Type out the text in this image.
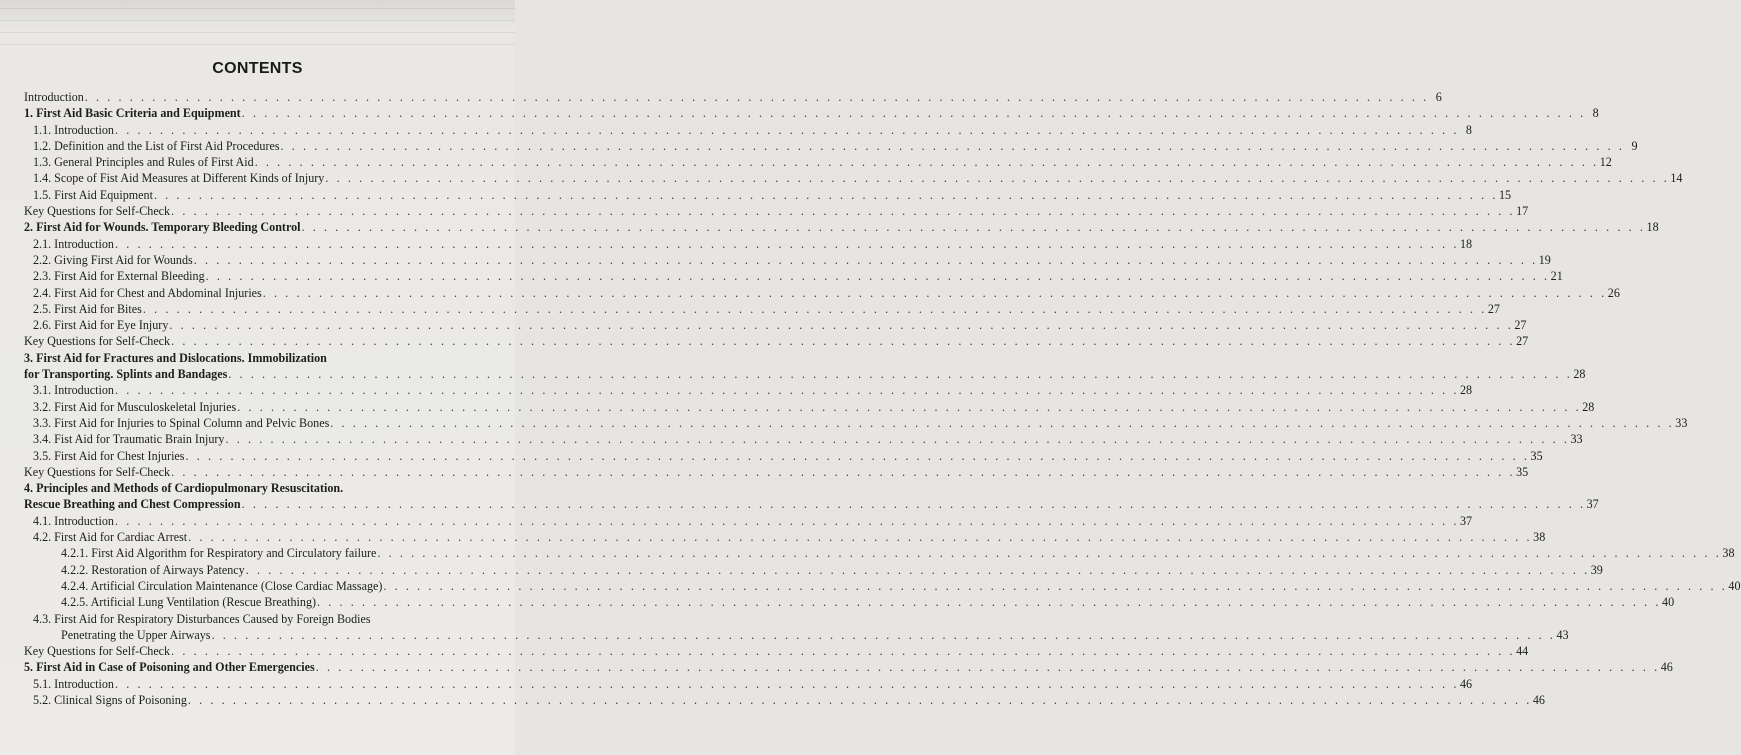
CONTENTS
Introduction . . . . . . . . . . . . . . . . . . . . . . . . . . . . . . . . . . . . . . . . . . . . . . . . . . . . . . . . . . . . . . . . . . . . . . . . . . . . . . . . . . . . . . . . . . . . . . . . . . . . . . . . . . . . . . . . . . . . . . . . 6
1. First Aid Basic Criteria and Equipment . . . . . . . . . . . . . . . . . . . . . . . . . . . . . . . . . . . . . . . . . . . . . . . . . . . . . . . . . . . . . . . . . . . . . . . . . . . . . . . . . . . . . . . . . . . . . . . . . . . . . . . . . . . . . . . . . . . . . . . . 8
1.1. Introduction . . . . . . . . . . . . . . . . . . . . . . . . . . . . . . . . . . . . . . . . . . . . . . . . . . . . . . . . . . . . . . . . . . . . . . . . . . . . . . . . . . . . . . . . . . . . . . . . . . . . . . . . . . . . . . . . . . . . . . . . 8
1.2. Definition and the List of First Aid Procedures . . . . . . . . . . . . . . . . . . . . . . . . . . . . . . . . . . . . . . . . . . . . . . . . . . . . . . . . . . . . . . . . . . . . . . . . . . . . . . . . . . . . . . . . . . . . . . . . . . . . . . . . . . . . . . . . . . . . . . . . 9
1.3. General Principles and Rules of First Aid . . . . . . . . . . . . . . . . . . . . . . . . . . . . . . . . . . . . . . . . . . . . . . . . . . . . . . . . . . . . . . . . . . . . . . . . . . . . . . . . . . . . . . . . . . . . . . . . . . . . . . . . . . . . . . . . . . . . . . . . 12
1.4. Scope of Fist Aid Measures at Different Kinds of Injury . . . . . . . . . . . . . . . . . . . . . . . . . . . . . . . . . . . . . . . . . . . . . . . . . . . . . . . . . . . . . . . . . . . . . . . . . . . . . . . . . . . . . . . . . . . . . . . . . . . . . . . . . . . . . . . . . . . . . . . . 14
1.5. First Aid Equipment . . . . . . . . . . . . . . . . . . . . . . . . . . . . . . . . . . . . . . . . . . . . . . . . . . . . . . . . . . . . . . . . . . . . . . . . . . . . . . . . . . . . . . . . . . . . . . . . . . . . . . . . . . . . . . . . . . . . . . . . 15
Key Questions for Self-Check . . . . . . . . . . . . . . . . . . . . . . . . . . . . . . . . . . . . . . . . . . . . . . . . . . . . . . . . . . . . . . . . . . . . . . . . . . . . . . . . . . . . . . . . . . . . . . . . . . . . . . . . . . . . . . . . . . . . . . . . 17
2. First Aid for Wounds. Temporary Bleeding Control . . . . . . . . . . . . . . . . . . . . . . . . . . . . . . . . . . . . . . . . . . . . . . . . . . . . . . . . . . . . . . . . . . . . . . . . . . . . . . . . . . . . . . . . . . . . . . . . . . . . . . . . . . . . . . . . . . . . . . . . 18
2.1. Introduction . . . . . . . . . . . . . . . . . . . . . . . . . . . . . . . . . . . . . . . . . . . . . . . . . . . . . . . . . . . . . . . . . . . . . . . . . . . . . . . . . . . . . . . . . . . . . . . . . . . . . . . . . . . . . . . . . . . . . . . . 18
2.2. Giving First Aid for Wounds . . . . . . . . . . . . . . . . . . . . . . . . . . . . . . . . . . . . . . . . . . . . . . . . . . . . . . . . . . . . . . . . . . . . . . . . . . . . . . . . . . . . . . . . . . . . . . . . . . . . . . . . . . . . . . . . . . . . . . . . 19
2.3. First Aid for External Bleeding . . . . . . . . . . . . . . . . . . . . . . . . . . . . . . . . . . . . . . . . . . . . . . . . . . . . . . . . . . . . . . . . . . . . . . . . . . . . . . . . . . . . . . . . . . . . . . . . . . . . . . . . . . . . . . . . . . . . . . . . 21
2.4. First Aid for Chest and Abdominal Injuries . . . . . . . . . . . . . . . . . . . . . . . . . . . . . . . . . . . . . . . . . . . . . . . . . . . . . . . . . . . . . . . . . . . . . . . . . . . . . . . . . . . . . . . . . . . . . . . . . . . . . . . . . . . . . . . . . . . . . . . . 26
2.5. First Aid for Bites . . . . . . . . . . . . . . . . . . . . . . . . . . . . . . . . . . . . . . . . . . . . . . . . . . . . . . . . . . . . . . . . . . . . . . . . . . . . . . . . . . . . . . . . . . . . . . . . . . . . . . . . . . . . . . . . . . . . . . . . 27
2.6. First Aid for Eye Injury . . . . . . . . . . . . . . . . . . . . . . . . . . . . . . . . . . . . . . . . . . . . . . . . . . . . . . . . . . . . . . . . . . . . . . . . . . . . . . . . . . . . . . . . . . . . . . . . . . . . . . . . . . . . . . . . . . . . . . . . 27
Key Questions for Self-Check . . . . . . . . . . . . . . . . . . . . . . . . . . . . . . . . . . . . . . . . . . . . . . . . . . . . . . . . . . . . . . . . . . . . . . . . . . . . . . . . . . . . . . . . . . . . . . . . . . . . . . . . . . . . . . . . . . . . . . . . 27
3. First Aid for Fractures and Dislocations. Immobilization
for Transporting. Splints and Bandages . . . . . . . . . . . . . . . . . . . . . . . . . . . . . . . . . . . . . . . . . . . . . . . . . . . . . . . . . . . . . . . . . . . . . . . . . . . . . . . . . . . . . . . . . . . . . . . . . . . . . . . . . . . . . . . . . . . . . . . . 28
3.1. Introduction . . . . . . . . . . . . . . . . . . . . . . . . . . . . . . . . . . . . . . . . . . . . . . . . . . . . . . . . . . . . . . . . . . . . . . . . . . . . . . . . . . . . . . . . . . . . . . . . . . . . . . . . . . . . . . . . . . . . . . . . 28
3.2. First Aid for Musculoskeletal Injuries . . . . . . . . . . . . . . . . . . . . . . . . . . . . . . . . . . . . . . . . . . . . . . . . . . . . . . . . . . . . . . . . . . . . . . . . . . . . . . . . . . . . . . . . . . . . . . . . . . . . . . . . . . . . . . . . . . . . . . . . 28
3.3. First Aid for Injuries to Spinal Column and Pelvic Bones . . . . . . . . . . . . . . . . . . . . . . . . . . . . . . . . . . . . . . . . . . . . . . . . . . . . . . . . . . . . . . . . . . . . . . . . . . . . . . . . . . . . . . . . . . . . . . . . . . . . . . . . . . . . . . . . . . . . . . . . 33
3.4. Fist Aid for Traumatic Brain Injury . . . . . . . . . . . . . . . . . . . . . . . . . . . . . . . . . . . . . . . . . . . . . . . . . . . . . . . . . . . . . . . . . . . . . . . . . . . . . . . . . . . . . . . . . . . . . . . . . . . . . . . . . . . . . . . . . . . . . . . . 33
3.5. First Aid for Chest Injuries . . . . . . . . . . . . . . . . . . . . . . . . . . . . . . . . . . . . . . . . . . . . . . . . . . . . . . . . . . . . . . . . . . . . . . . . . . . . . . . . . . . . . . . . . . . . . . . . . . . . . . . . . . . . . . . . . . . . . . . . 35
Key Questions for Self-Check . . . . . . . . . . . . . . . . . . . . . . . . . . . . . . . . . . . . . . . . . . . . . . . . . . . . . . . . . . . . . . . . . . . . . . . . . . . . . . . . . . . . . . . . . . . . . . . . . . . . . . . . . . . . . . . . . . . . . . . . 35
4. Principles and Methods of Cardiopulmonary Resuscitation.
Rescue Breathing and Chest Compression . . . . . . . . . . . . . . . . . . . . . . . . . . . . . . . . . . . . . . . . . . . . . . . . . . . . . . . . . . . . . . . . . . . . . . . . . . . . . . . . . . . . . . . . . . . . . . . . . . . . . . . . . . . . . . . . . . . . . . . . 37
4.1. Introduction . . . . . . . . . . . . . . . . . . . . . . . . . . . . . . . . . . . . . . . . . . . . . . . . . . . . . . . . . . . . . . . . . . . . . . . . . . . . . . . . . . . . . . . . . . . . . . . . . . . . . . . . . . . . . . . . . . . . . . . . 37
4.2. First Aid for Cardiac Arrest . . . . . . . . . . . . . . . . . . . . . . . . . . . . . . . . . . . . . . . . . . . . . . . . . . . . . . . . . . . . . . . . . . . . . . . . . . . . . . . . . . . . . . . . . . . . . . . . . . . . . . . . . . . . . . . . . . . . . . . . 38
4.2.1. First Aid Algorithm for Respiratory and Circulatory failure . . . . . . . . . . . . . . . . . . . . . . . . . . . . . . . . . . . . . . . . . . . . . . . . . . . . . . . . . . . . . . . . . . . . . . . . . . . . . . . . . . . . . . . . . . . . . . . . . . . . . . . . . . . . . . . . . . . . . . . . 38
4.2.2. Restoration of Airways Patency . . . . . . . . . . . . . . . . . . . . . . . . . . . . . . . . . . . . . . . . . . . . . . . . . . . . . . . . . . . . . . . . . . . . . . . . . . . . . . . . . . . . . . . . . . . . . . . . . . . . . . . . . . . . . . . . . . . . . . . . 39
4.2.4. Artificial Circulation Maintenance (Close Cardiac Massage) . . . . . . . . . . . . . . . . . . . . . . . . . . . . . . . . . . . . . . . . . . . . . . . . . . . . . . . . . . . . . . . . . . . . . . . . . . . . . . . . . . . . . . . . . . . . . . . . . . . . . . . . . . . . . . . . . . . . . . . . 40
4.2.5. Artificial Lung Ventilation (Rescue Breathing) . . . . . . . . . . . . . . . . . . . . . . . . . . . . . . . . . . . . . . . . . . . . . . . . . . . . . . . . . . . . . . . . . . . . . . . . . . . . . . . . . . . . . . . . . . . . . . . . . . . . . . . . . . . . . . . . . . . . . . . . 40
4.3. First Aid for Respiratory Disturbances Caused by Foreign Bodies
Penetrating the Upper Airways . . . . . . . . . . . . . . . . . . . . . . . . . . . . . . . . . . . . . . . . . . . . . . . . . . . . . . . . . . . . . . . . . . . . . . . . . . . . . . . . . . . . . . . . . . . . . . . . . . . . . . . . . . . . . . . . . . . . . . . . 43
Key Questions for Self-Check . . . . . . . . . . . . . . . . . . . . . . . . . . . . . . . . . . . . . . . . . . . . . . . . . . . . . . . . . . . . . . . . . . . . . . . . . . . . . . . . . . . . . . . . . . . . . . . . . . . . . . . . . . . . . . . . . . . . . . . . 44
5. First Aid in Case of Poisoning and Other Emergencies . . . . . . . . . . . . . . . . . . . . . . . . . . . . . . . . . . . . . . . . . . . . . . . . . . . . . . . . . . . . . . . . . . . . . . . . . . . . . . . . . . . . . . . . . . . . . . . . . . . . . . . . . . . . . . . . . . . . . . . . 46
5.1. Introduction . . . . . . . . . . . . . . . . . . . . . . . . . . . . . . . . . . . . . . . . . . . . . . . . . . . . . . . . . . . . . . . . . . . . . . . . . . . . . . . . . . . . . . . . . . . . . . . . . . . . . . . . . . . . . . . . . . . . . . . . 46
5.2. Clinical Signs of Poisoning . . . . . . . . . . . . . . . . . . . . . . . . . . . . . . . . . . . . . . . . . . . . . . . . . . . . . . . . . . . . . . . . . . . . . . . . . . . . . . . . . . . . . . . . . . . . . . . . . . . . . . . . . . . . . . . . . . . . . . . . 46
